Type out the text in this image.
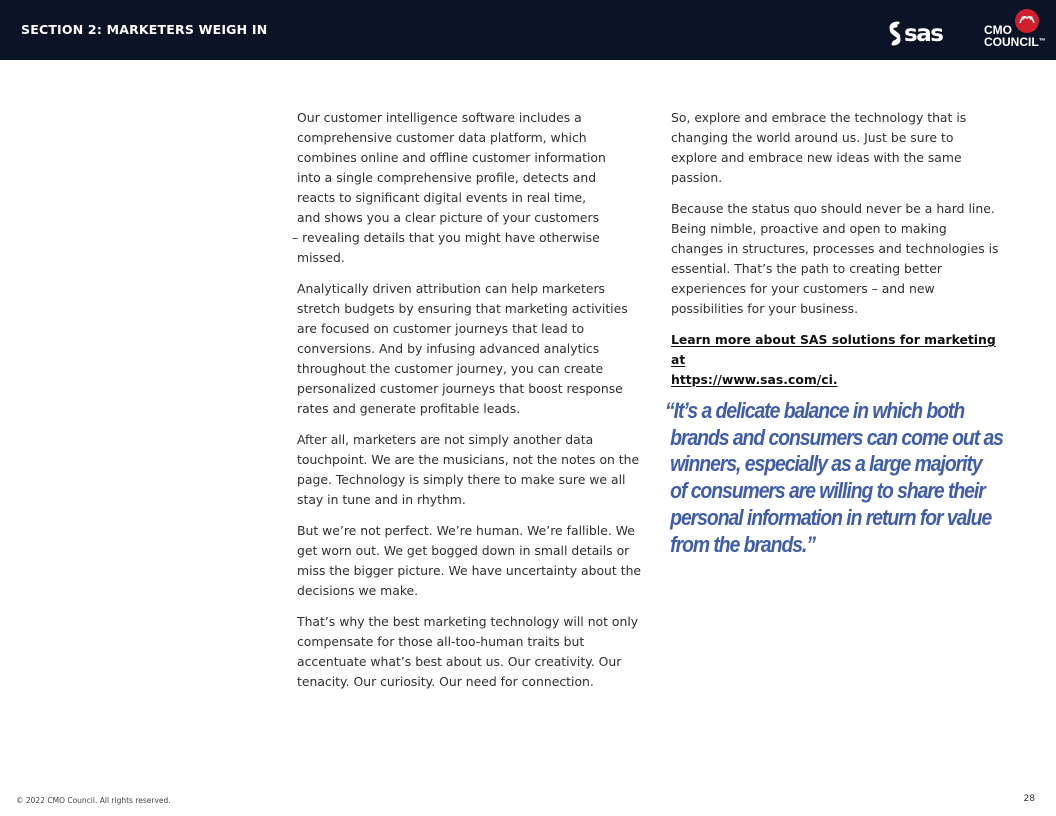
SECTION 2: MARKETERS WEIGH IN	sas	CMO
COUNCIL™

Our customer intelligence software includes a
comprehensive customer data platform, which
combines online and offline customer information
into a single comprehensive profile, detects and
reacts to significant digital events in real time,
and shows you a clear picture of your customers
– revealing details that you might have otherwise
missed.

Analytically driven attribution can help marketers stretch budgets by ensuring that marketing activities are focused on customer journeys that lead to conversions. And by infusing advanced analytics throughout the customer journey, you can create personalized customer journeys that boost response rates and generate profitable leads.

After all, marketers are not simply another data touchpoint. We are the musicians, not the notes on the page. Technology is simply there to make sure we all stay in tune and in rhythm.

But we’re not perfect. We’re human. We’re fallible. We get worn out. We get bogged down in small details or miss the bigger picture. We have uncertainty about the decisions we make.

That’s why the best marketing technology will not only compensate for those all-too-human traits but accentuate what’s best about us. Our creativity. Our tenacity. Our curiosity. Our need for connection.

So, explore and embrace the technology that is changing the world around us. Just be sure to explore and embrace new ideas with the same passion.

Because the status quo should never be a hard line. Being nimble, proactive and open to making changes in structures, processes and technologies is essential. That’s the path to creating better experiences for your customers – and new possibilities for your business.

Learn more about SAS solutions for marketing at
https://www.sas.com/ci.

“It’s a delicate balance in which both
brands and consumers can come out as
winners, especially as a large majority
of consumers are willing to share their
personal information in return for value
from the brands.”
© 2022 CMO Council. All rights reserved.	28
